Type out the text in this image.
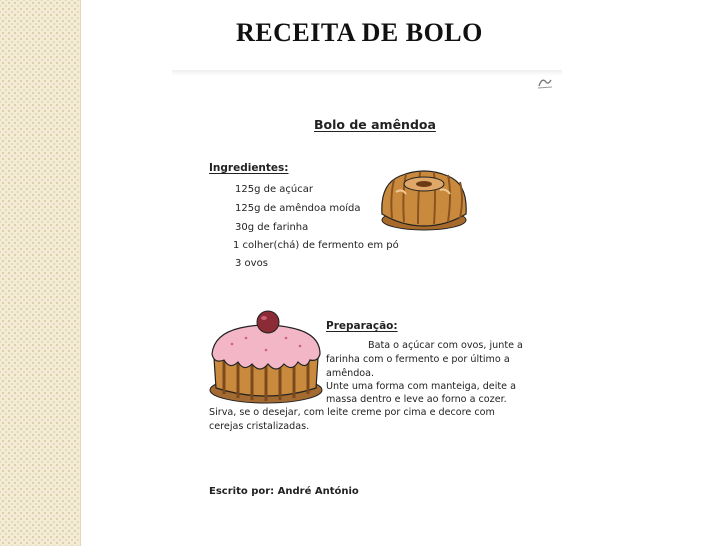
RECEITA DE BOLO
Bolo de amêndoa
Ingredientes:
125g de açúcar
125g de amêndoa moída
30g de farinha
1 colher(chá) de fermento em pó
3 ovos
Preparação:
Bata o açúcar com ovos, junte a
farinha com o fermento e por último a
amêndoa.
Unte uma forma com manteiga, deite a
massa dentro e leve ao forno a cozer.
Sirva, se o desejar, com leite creme por cima e decore com
cerejas cristalizadas.
Escrito por: André António
